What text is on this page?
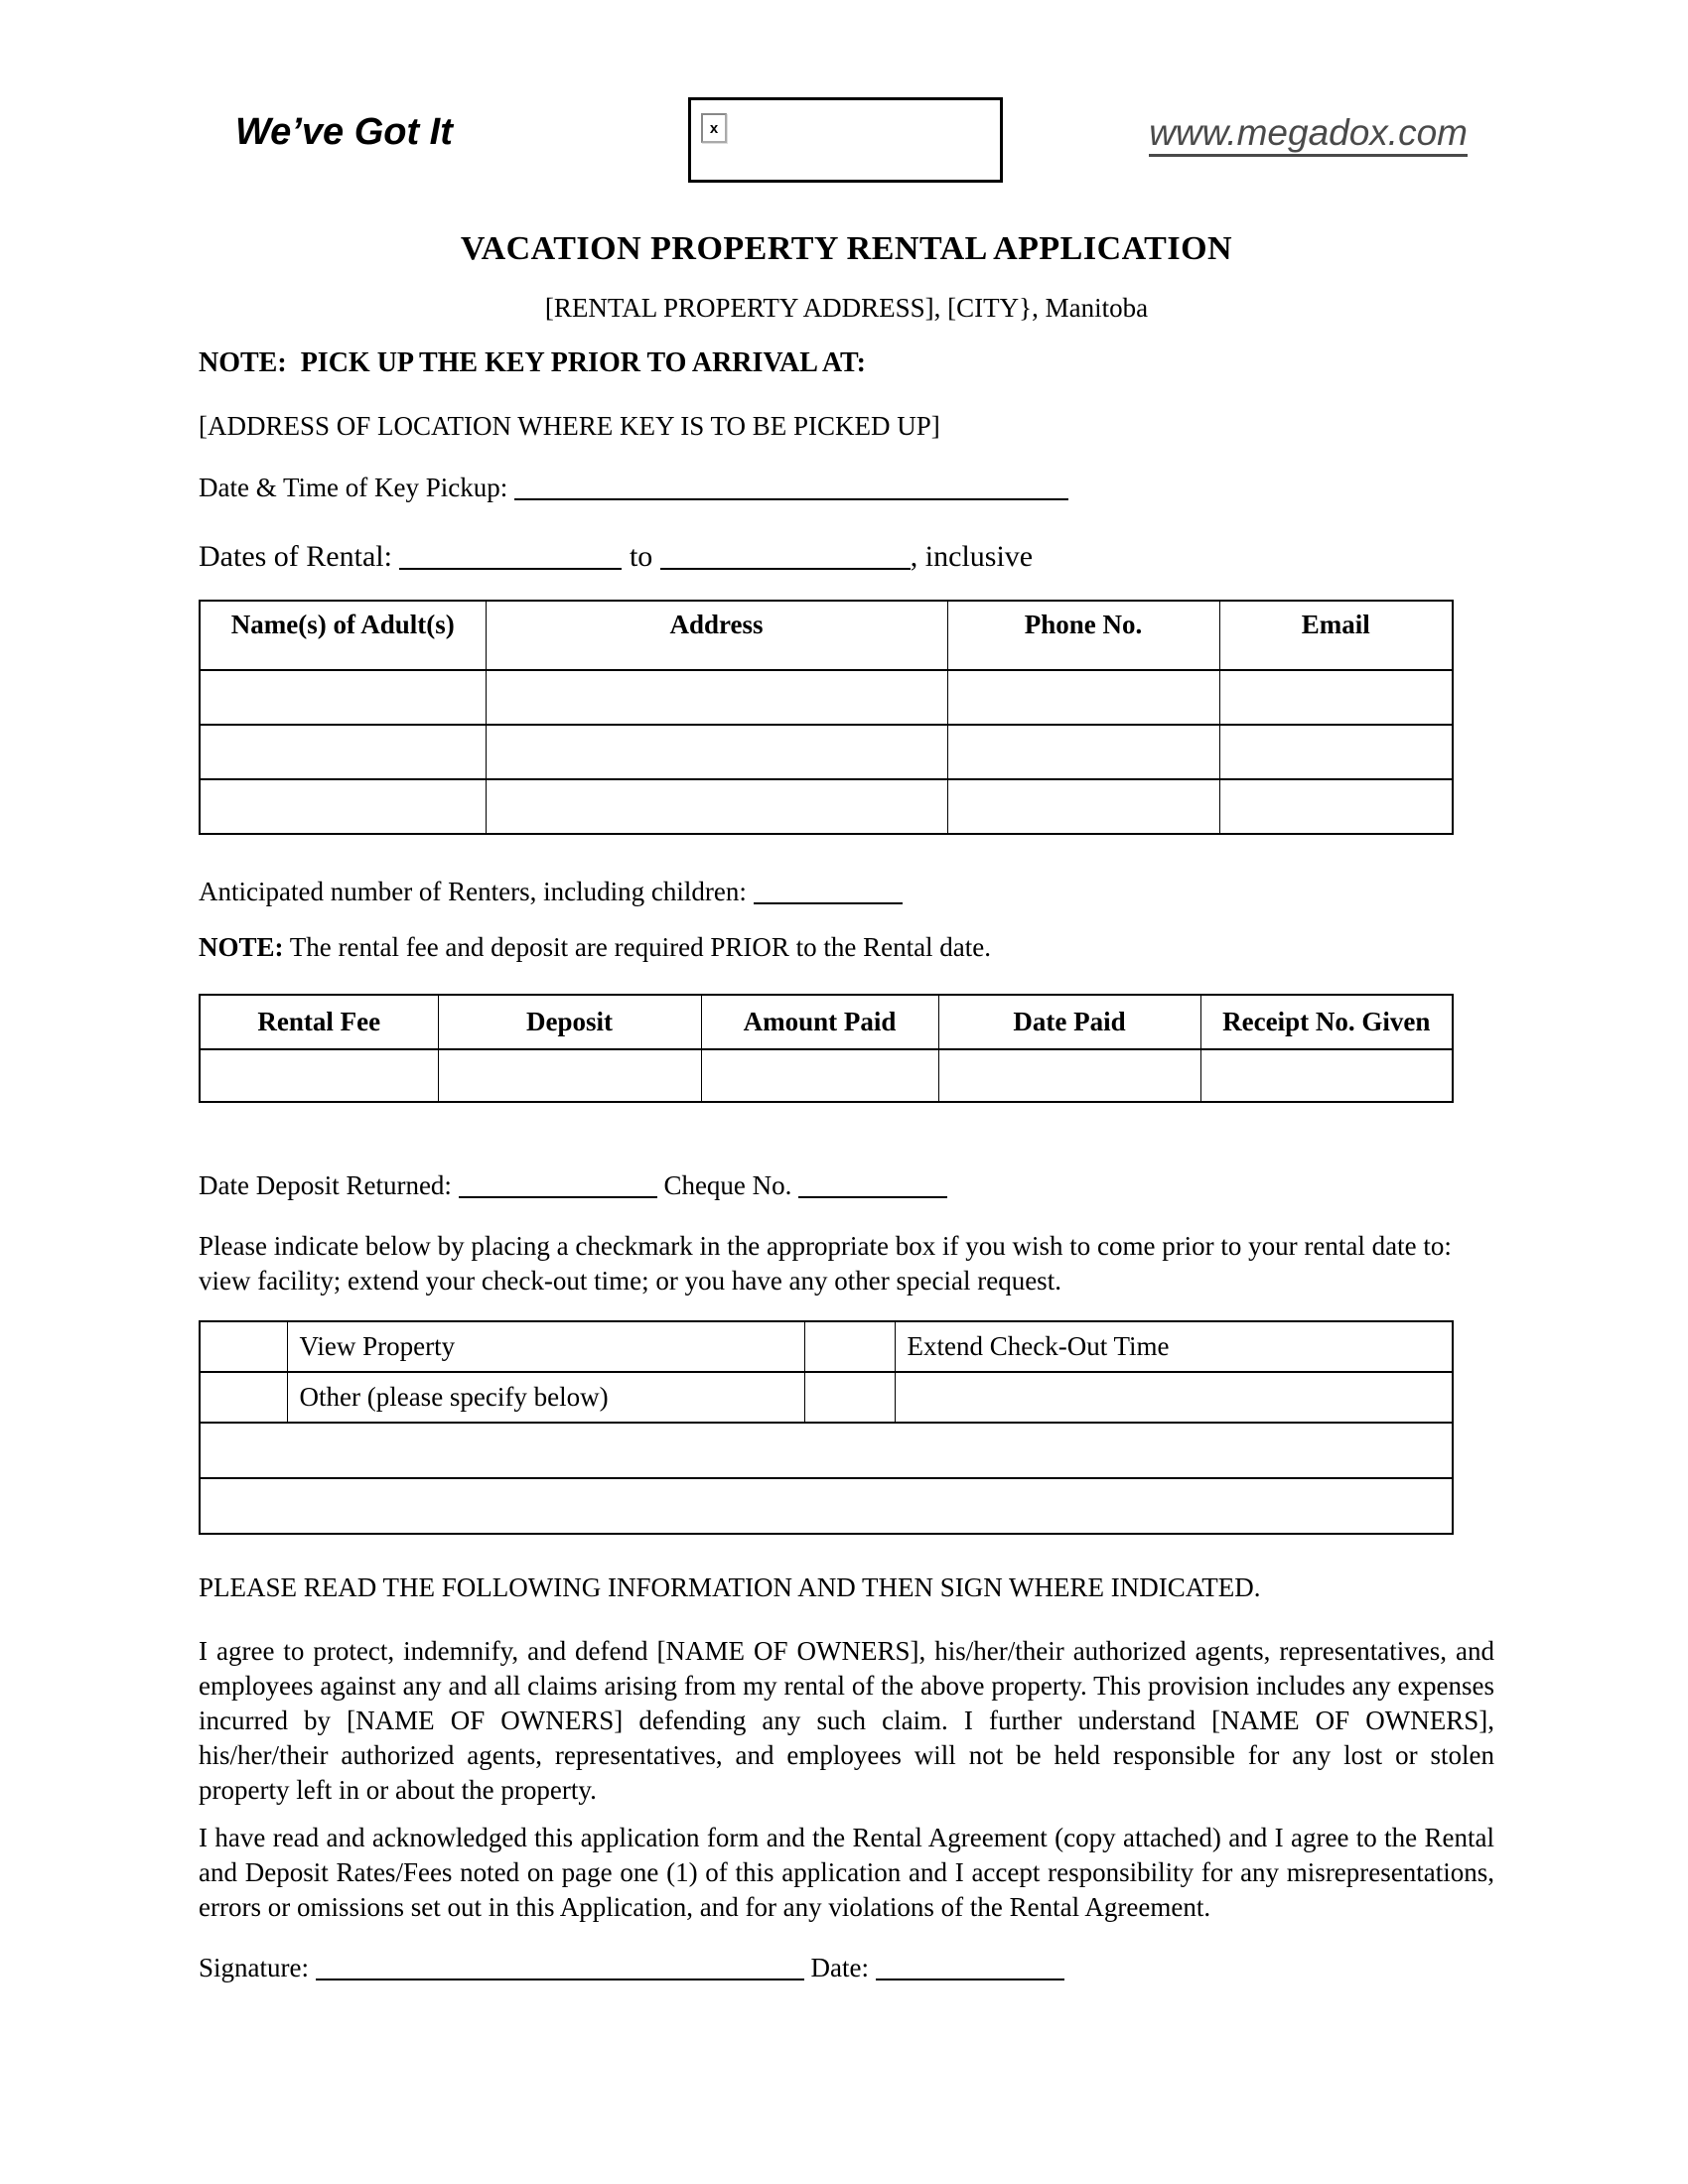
We’ve Got It	x	www.megadox.com
VACATION PROPERTY RENTAL APPLICATION
[RENTAL PROPERTY ADDRESS], [CITY}, Manitoba
NOTE: PICK UP THE KEY PRIOR TO ARRIVAL AT:
[ADDRESS OF LOCATION WHERE KEY IS TO BE PICKED UP]
Date & Time of Key Pickup:
Dates of Rental:	to	, inclusive
Name(s) of Adult(s)	Address	Phone No.	Email

Anticipated number of Renters, including children:
NOTE: The rental fee and deposit are required PRIOR to the Rental date.
Rental Fee	Deposit	Amount Paid	Date Paid	Receipt No. Given

Date Deposit Returned:	Cheque No.
Please indicate below by placing a checkmark in the appropriate box if you wish to come prior to your rental date to: view facility; extend your check-out time; or you have any other special request.
	View Property		Extend Check-Out Time
	Other (please specify below)		

PLEASE READ THE FOLLOWING INFORMATION AND THEN SIGN WHERE INDICATED.
I agree to protect, indemnify, and defend [NAME OF OWNERS], his/her/their authorized agents, representatives, and employees against any and all claims arising from my rental of the above property. This provision includes any expenses incurred by [NAME OF OWNERS] defending any such claim. I further understand [NAME OF OWNERS], his/her/their authorized agents, representatives, and employees will not be held responsible for any lost or stolen property left in or about the property.
I have read and acknowledged this application form and the Rental Agreement (copy attached) and I agree to the Rental and Deposit Rates/Fees noted on page one (1) of this application and I accept responsibility for any misrepresentations, errors or omissions set out in this Application, and for any violations of the Rental Agreement.
Signature:	Date:
